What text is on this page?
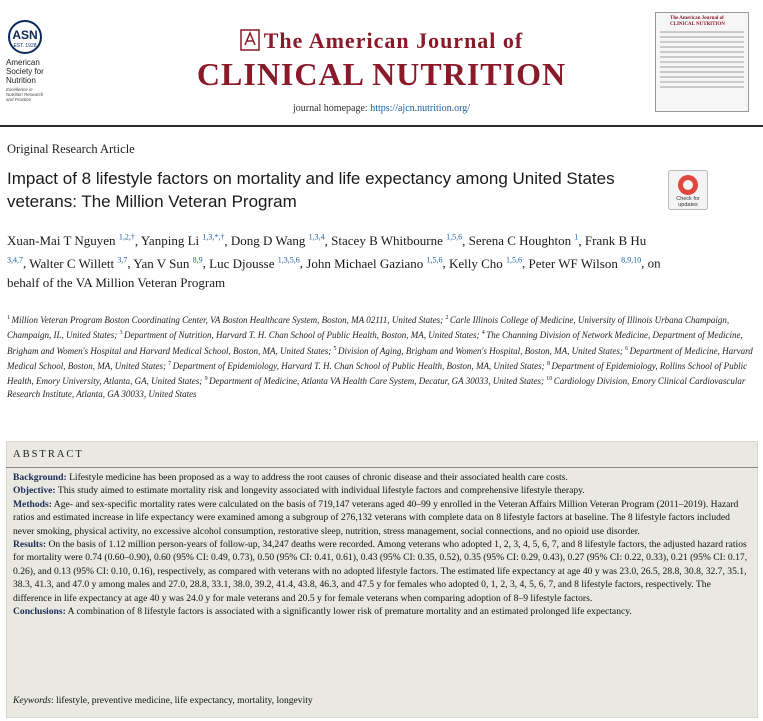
ASN
EST. 1928
American
Society for
Nutrition
Excellence in
Nutrition Research
and Practice
The American Journal of
CLINICAL NUTRITION
journal homepage: https://ajcn.nutrition.org/
The American Journal of
CLINICAL NUTRITION
Original Research Article
Impact of 8 lifestyle factors on mortality and life expectancy among United States veterans: The Million Veteran Program	Check for
updates
Xuan-Mai T Nguyen $^{1,2,\dagger}$, Yanping Li $^{1,3,*,\dagger}$, Dong D Wang $^{1,3,4}$, Stacey B Whitbourne $^{1,5,6}$, Serena C Houghton $^1$, Frank B Hu $^{3,4,7}$, Walter C Willett $^{3,7}$, Yan V Sun $^{8,9}$, Luc Djousse $^{1,3,5,6}$, John Michael Gaziano $^{1,5,6}$, Kelly Cho $^{1,5,6}$, Peter WF Wilson $^{8,9,10}$, on behalf of the VA Million Veteran Program
$^1$ Million Veteran Program Boston Coordinating Center, VA Boston Healthcare System, Boston, MA 02111, United States; $^2$ Carle Illinois College of Medicine, University of Illinois Urbana Champaign, Champaign, IL, United States; $^3$ Department of Nutrition, Harvard T. H. Chan School of Public Health, Boston, MA, United States; $^4$ The Channing Division of Network Medicine, Department of Medicine, Brigham and Women's Hospital and Harvard Medical School, Boston, MA, United States; $^5$ Division of Aging, Brigham and Women's Hospital, Boston, MA, United States; $^6$ Department of Medicine, Harvard Medical School, Boston, MA, United States; $^7$ Department of Epidemiology, Harvard T. H. Chan School of Public Health, Boston, MA, United States; $^8$ Department of Epidemiology, Rollins School of Public Health, Emory University, Atlanta, GA, United States; $^9$ Department of Medicine, Atlanta VA Health Care System, Decatur, GA 30033, United States; $^{10}$ Cardiology Division, Emory Clinical Cardiovascular Research Institute, Atlanta, GA 30033, United States
ABSTRACT

Background: Lifestyle medicine has been proposed as a way to address the root causes of chronic disease and their associated health care costs.

Objective: This study aimed to estimate mortality risk and longevity associated with individual lifestyle factors and comprehensive lifestyle therapy.

Methods: Age- and sex-specific mortality rates were calculated on the basis of 719,147 veterans aged 40–99 y enrolled in the Veteran Affairs Million Veteran Program (2011–2019). Hazard ratios and estimated increase in life expectancy were examined among a subgroup of 276,132 veterans with complete data on 8 lifestyle factors at baseline. The 8 lifestyle factors included never smoking, physical activity, no excessive alcohol consumption, restorative sleep, nutrition, stress management, social connections, and no opioid use disorder.

Results: On the basis of 1.12 million person-years of follow-up, 34,247 deaths were recorded. Among veterans who adopted 1, 2, 3, 4, 5, 6, 7, and 8 lifestyle factors, the adjusted hazard ratios for mortality were 0.74 (0.60–0.90), 0.60 (95% CI: 0.49, 0.73), 0.50 (95% CI: 0.41, 0.61), 0.43 (95% CI: 0.35, 0.52), 0.35 (95% CI: 0.29, 0.43), 0.27 (95% CI: 0.22, 0.33), 0.21 (95% CI: 0.17, 0.26), and 0.13 (95% CI: 0.10, 0.16), respectively, as compared with veterans with no adopted lifestyle factors. The estimated life expectancy at age 40 y was 23.0, 26.5, 28.8, 30.8, 32.7, 35.1, 38.3, 41.3, and 47.0 y among males and 27.0, 28.8, 33.1, 38.0, 39.2, 41.4, 43.8, 46.3, and 47.5 y for females who adopted 0, 1, 2, 3, 4, 5, 6, 7, and 8 lifestyle factors, respectively. The difference in life expectancy at age 40 y was 24.0 y for male veterans and 20.5 y for female veterans when comparing adoption of 8–9 lifestyle factors.

Conclusions: A combination of 8 lifestyle factors is associated with a significantly lower risk of premature mortality and an estimated prolonged life expectancy.

Keywords: lifestyle, preventive medicine, life expectancy, mortality, longevity
